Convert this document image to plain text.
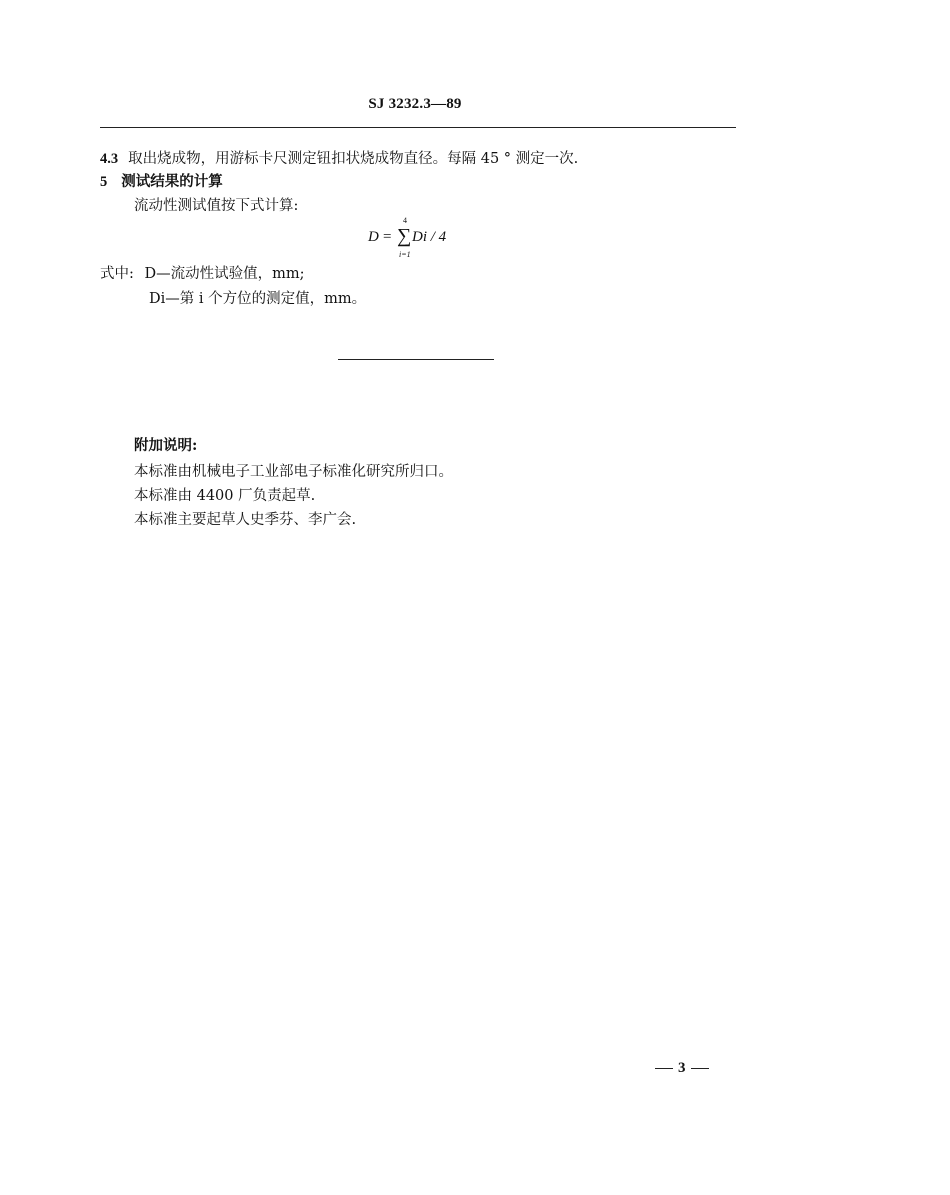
SJ 3232.3—89
4.3 取出烧成物，用游标卡尺测定钮扣状烧成物直径。每隔 45 ° 测定一次.
5 测试结果的计算
流动性测试值按下式计算:
D =
4
∑
i=1
Di / 4
式中: D—流动性试验值，mm;
Di—第 i 个方位的测定值，mm。
附加说明:
本标准由机械电子工业部电子标准化研究所归口。
本标准由 4400 厂负责起草.
本标准主要起草人史季芬、李广会.
3
